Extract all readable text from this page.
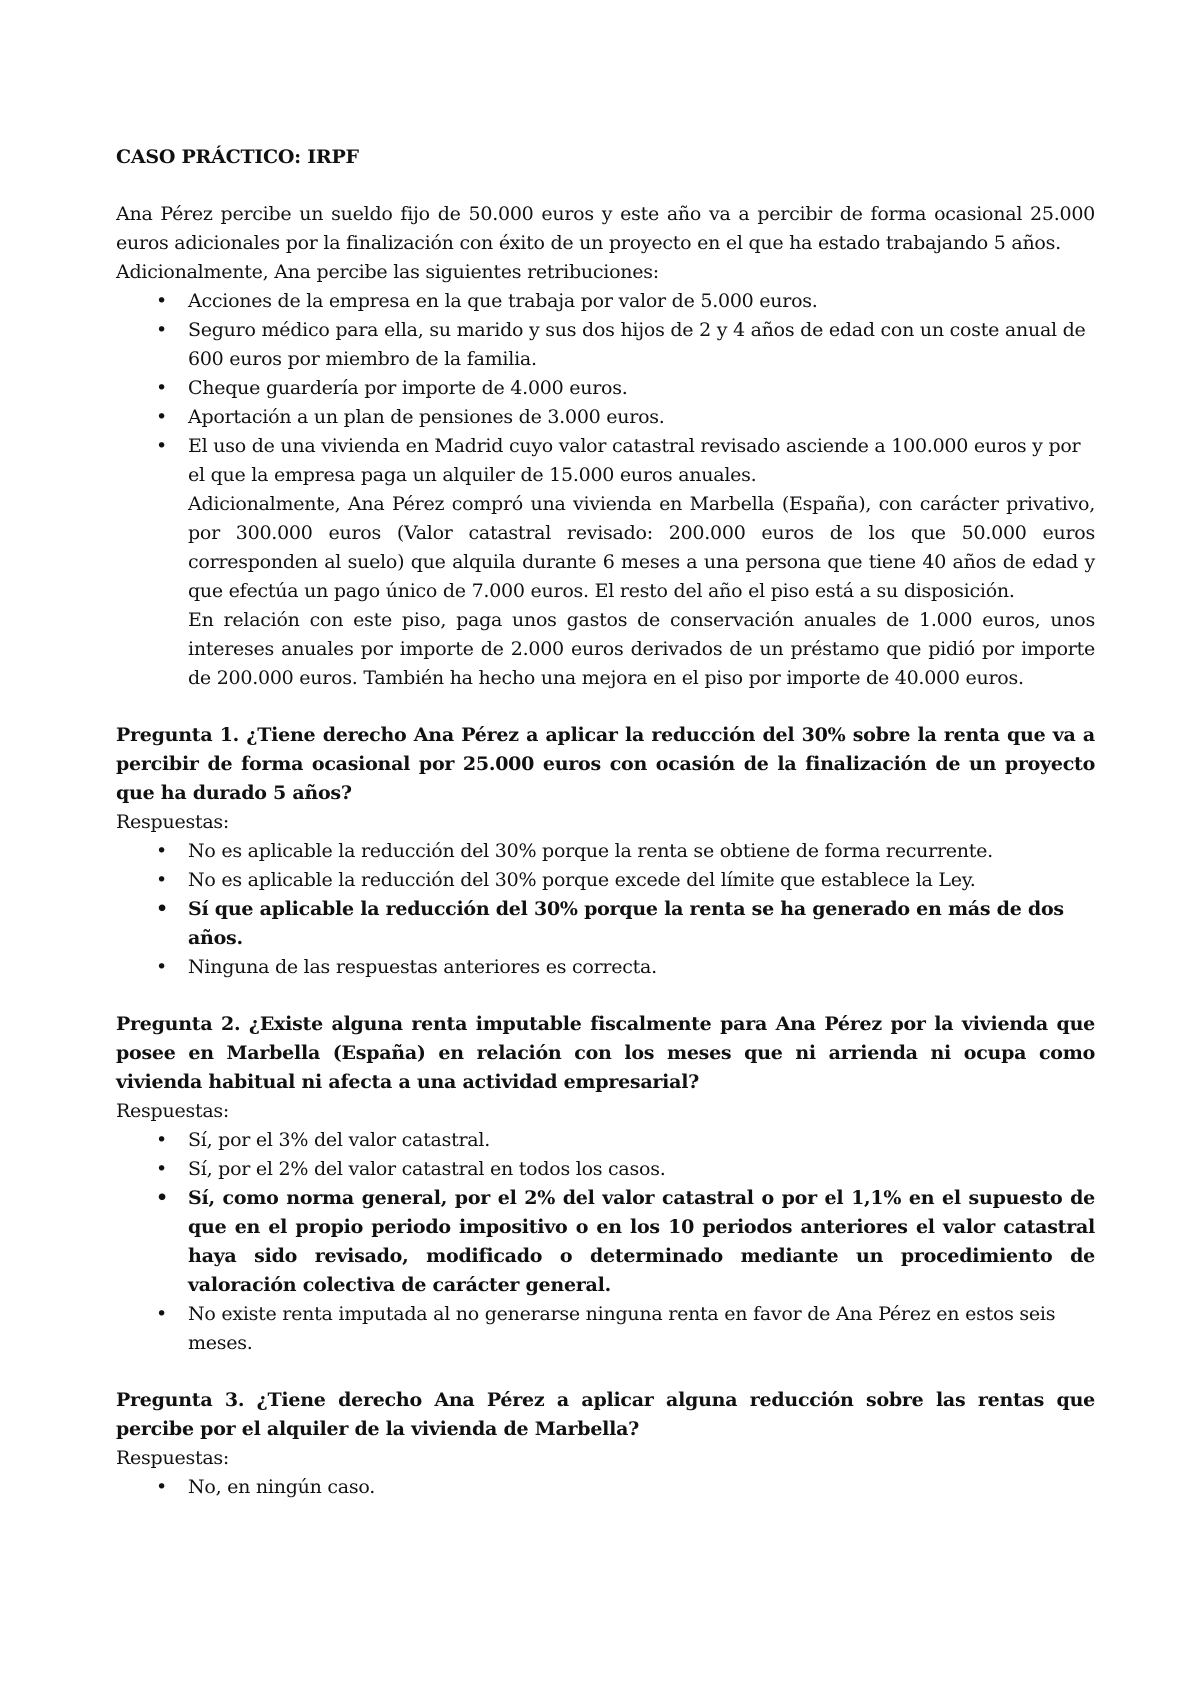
CASO PRÁCTICO: IRPF

Ana Pérez percibe un sueldo fijo de 50.000 euros y este año va a percibir de forma ocasional 25.000 euros adicionales por la finalización con éxito de un proyecto en el que ha estado trabajando 5 años.

Adicionalmente, Ana percibe las siguientes retribuciones:

• Acciones de la empresa en la que trabaja por valor de 5.000 euros.
• Seguro médico para ella, su marido y sus dos hijos de 2 y 4 años de edad con un coste anual de 600 euros por miembro de la familia.
• Cheque guardería por importe de 4.000 euros.
• Aportación a un plan de pensiones de 3.000 euros.
• El uso de una vivienda en Madrid cuyo valor catastral revisado asciende a 100.000 euros y por el que la empresa paga un alquiler de 15.000 euros anuales.

Adicionalmente, Ana Pérez compró una vivienda en Marbella (España), con carácter privativo, por 300.000 euros (Valor catastral revisado: 200.000 euros de los que 50.000 euros corresponden al suelo) que alquila durante 6 meses a una persona que tiene 40 años de edad y que efectúa un pago único de 7.000 euros. El resto del año el piso está a su disposición.

En relación con este piso, paga unos gastos de conservación anuales de 1.000 euros, unos intereses anuales por importe de 2.000 euros derivados de un préstamo que pidió por importe de 200.000 euros. También ha hecho una mejora en el piso por importe de 40.000 euros.

Pregunta 1. ¿Tiene derecho Ana Pérez a aplicar la reducción del 30% sobre la renta que va a percibir de forma ocasional por 25.000 euros con ocasión de la finalización de un proyecto que ha durado 5 años?

Respuestas:

• No es aplicable la reducción del 30% porque la renta se obtiene de forma recurrente.
• No es aplicable la reducción del 30% porque excede del límite que establece la Ley.
• Sí que aplicable la reducción del 30% porque la renta se ha generado en más de dos años.
• Ninguna de las respuestas anteriores es correcta.

Pregunta 2. ¿Existe alguna renta imputable fiscalmente para Ana Pérez por la vivienda que posee en Marbella (España) en relación con los meses que ni arrienda ni ocupa como vivienda habitual ni afecta a una actividad empresarial?

Respuestas:

• Sí, por el 3% del valor catastral.
• Sí, por el 2% del valor catastral en todos los casos.
• Sí, como norma general, por el 2% del valor catastral o por el 1,1% en el supuesto de que en el propio periodo impositivo o en los 10 periodos anteriores el valor catastral haya sido revisado, modificado o determinado mediante un procedimiento de valoración colectiva de carácter general.
• No existe renta imputada al no generarse ninguna renta en favor de Ana Pérez en estos seis meses.

Pregunta 3. ¿Tiene derecho Ana Pérez a aplicar alguna reducción sobre las rentas que percibe por el alquiler de la vivienda de Marbella?

Respuestas:

• No, en ningún caso.
